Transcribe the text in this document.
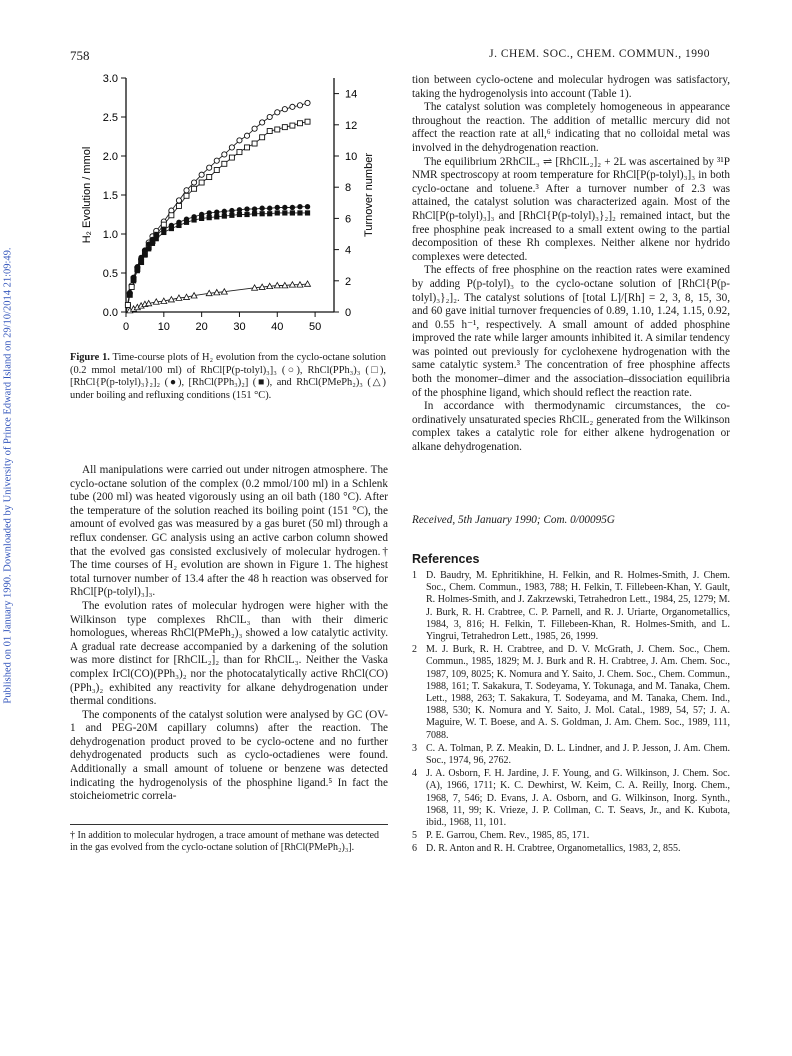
Published on 01 January 1990. Downloaded by University of Prince Edward Island on 29/10/2014 21:09:49.
758	J. CHEM. SOC., CHEM. COMMUN., 1990
0.0
0.5
1.0
1.5
2.0
2.5
3.0
0
2
4
6
8
10
12
14
0	10 20 30 40 50
H₂ Evolution / mmol	Turnover number
Figure 1. Time-course plots of H₂ evolution from the cyclo-octane solution (0.2 mmol metal/100 ml) of RhCl[P(p-tolyl)₃]₃ (○), RhCl(PPh₃)₃ (□), [RhCl{P(p-tolyl)₃}₂]₂ (●), [RhCl(PPh₃)₂] (■), and RhCl(PMePh₂)₃ (△) under boiling and refluxing conditions (151 °C).

All manipulations were carried out under nitrogen atmosphere. The cyclo-octane solution of the complex (0.2 mmol/100 ml) in a Schlenk tube (200 ml) was heated vigorously using an oil bath (180 °C). After the temperature of the solution reached its boiling point (151 °C), the amount of evolved gas was measured by a gas buret (50 ml) through a reflux condenser. GC analysis using an active carbon column showed that the evolved gas consisted exclusively of molecular hydrogen.† The time courses of H₂ evolution are shown in Figure 1. The highest total turnover number of 13.4 after the 48 h reaction was observed for RhCl[P(p-tolyl)₃]₃.

The evolution rates of molecular hydrogen were higher with the Wilkinson type complexes RhClL₃ than with their dimeric homologues, whereas RhCl(PMePh₂)₃ showed a low catalytic activity. A gradual rate decrease accompanied by a darkening of the solution was more distinct for [RhClL₂]₂ than for RhClL₃. Neither the Vaska complex IrCl(CO)(PPh₃)₂ nor the photocatalytically active RhCl(CO)(PPh₃)₂ exhibited any reactivity for alkane dehydrogenation under thermal conditions.

The components of the catalyst solution were analysed by GC (OV-1 and PEG-20M capillary columns) after the reaction. The dehydrogenation product proved to be cyclo-octene and no further dehydrogenated products such as cyclo-octadienes were found. Additionally a small amount of toluene or benzene was detected indicating the hydrogenolysis of the phosphine ligand.⁵ In fact the stoicheiometric correla-

† In addition to molecular hydrogen, a trace amount of methane was detected in the gas evolved from the cyclo-octane solution of [RhCl(PMePh₂)₃].

tion between cyclo-octene and molecular hydrogen was satisfactory, taking the hydrogenolysis into account (Table 1).

The catalyst solution was completely homogeneous in appearance throughout the reaction. The addition of metallic mercury did not affect the reaction rate at all,⁶ indicating that no colloidal metal was involved in the dehydrogenation reaction.

The equilibrium 2RhClL₃ ⇌ [RhClL₂]₂ + 2L was ascertained by ³¹P NMR spectroscopy at room temperature for RhCl[P(p-tolyl)₃]₃ in both cyclo-octane and toluene.³ After a turnover number of 2.3 was attained, the catalyst solution was characterized again. Most of the RhCl[P(p-tolyl)₃]₃ and [RhCl{P(p-tolyl)₃}₂]₂ remained intact, but the free phosphine peak increased to a small extent owing to the partial decomposition of these Rh complexes. Neither alkene nor hydrido complexes were detected.

The effects of free phosphine on the reaction rates were examined by adding P(p-tolyl)₃ to the cyclo-octane solution of [RhCl{P(p-tolyl)₃}₂]₂. The catalyst solutions of [total L]/[Rh] = 2, 3, 8, 15, 30, and 60 gave initial turnover frequencies of 0.89, 1.10, 1.24, 1.15, 0.92, and 0.55 h⁻¹, respectively. A small amount of added phosphine improved the rate while larger amounts inhibited it. A similar tendency was pointed out previously for cyclohexene hydrogenation with the same catalytic system.³ The concentration of free phosphine affects both the monomer–dimer and the association–dissociation equilibria of the phosphine ligand, which should reflect the reaction rate.

In accordance with thermodynamic circumstances, the co-ordinatively unsaturated species RhClL₂ generated from the Wilkinson complex takes a catalytic role for either alkene hydrogenation or alkane dehydrogenation.

Received, 5th January 1990; Com. 0/00095G
References
1 D. Baudry, M. Ephritikhine, H. Felkin, and R. Holmes-Smith, J. Chem. Soc., Chem. Commun., 1983, 788; H. Felkin, T. Fillebeen-Khan, Y. Gault, R. Holmes-Smith, and J. Zakrzewski, Tetrahedron Lett., 1984, 25, 1279; M. J. Burk, R. H. Crabtree, C. P. Parnell, and R. J. Uriarte, Organometallics, 1984, 3, 816; H. Felkin, T. Fillebeen-Khan, R. Holmes-Smith, and L. Yingrui, Tetrahedron Lett., 1985, 26, 1999.
2 M. J. Burk, R. H. Crabtree, and D. V. McGrath, J. Chem. Soc., Chem. Commun., 1985, 1829; M. J. Burk and R. H. Crabtree, J. Am. Chem. Soc., 1987, 109, 8025; K. Nomura and Y. Saito, J. Chem. Soc., Chem. Commun., 1988, 161; T. Sakakura, T. Sodeyama, Y. Tokunaga, and M. Tanaka, Chem. Lett., 1988, 263; T. Sakakura, T. Sodeyama, and M. Tanaka, Chem. Ind., 1988, 530; K. Nomura and Y. Saito, J. Mol. Catal., 1989, 54, 57; J. A. Maguire, W. T. Boese, and A. S. Goldman, J. Am. Chem. Soc., 1989, 111, 7088.
3 C. A. Tolman, P. Z. Meakin, D. L. Lindner, and J. P. Jesson, J. Am. Chem. Soc., 1974, 96, 2762.
4 J. A. Osborn, F. H. Jardine, J. F. Young, and G. Wilkinson, J. Chem. Soc. (A), 1966, 1711; K. C. Dewhirst, W. Keim, C. A. Reilly, Inorg. Chem., 1968, 7, 546; D. Evans, J. A. Osborn, and G. Wilkinson, Inorg. Synth., 1968, 11, 99; K. Vrieze, J. P. Collman, C. T. Seavs, Jr., and K. Kubota, ibid., 1968, 11, 101.
5 P. E. Garrou, Chem. Rev., 1985, 85, 171.
6 D. R. Anton and R. H. Crabtree, Organometallics, 1983, 2, 855.
